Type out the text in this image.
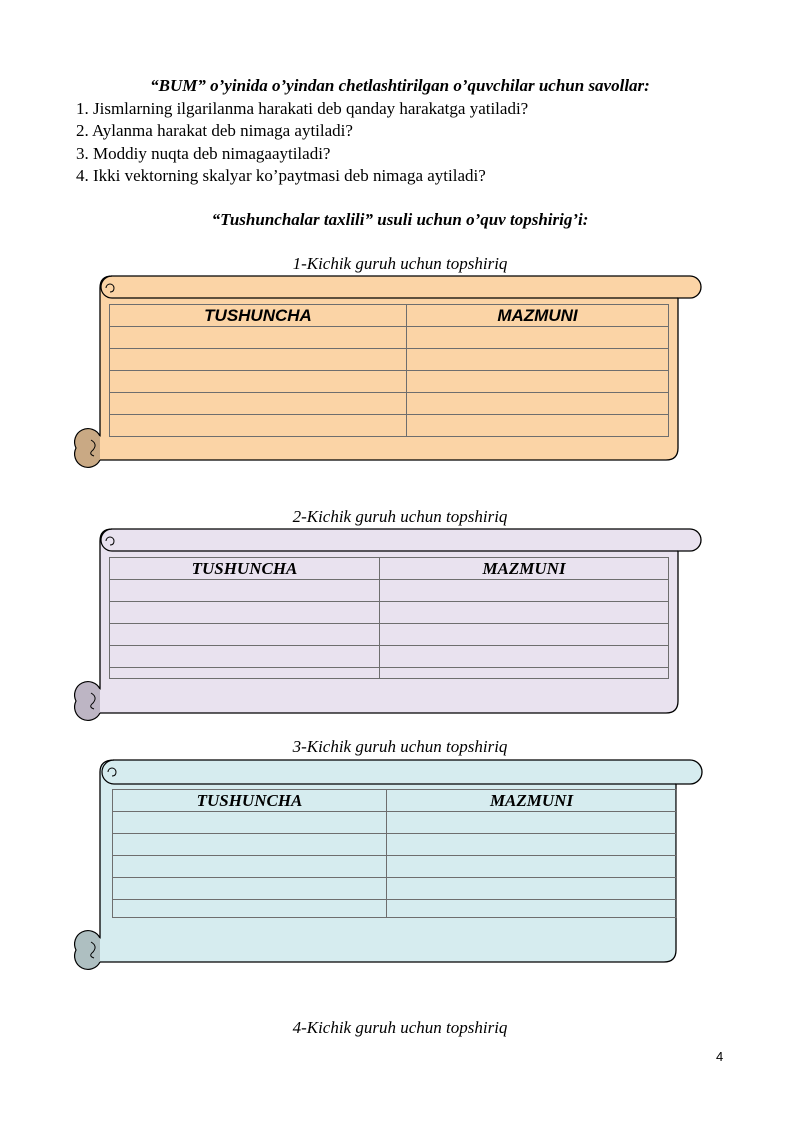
“BUM” o’yinida o’yindan chetlashtirilgan o’quvchilar uchun savollar:
1. Jismlarning ilgarilanma harakati deb qanday harakatga yatiladi?
2. Aylanma harakat deb nimaga aytiladi?
3. Moddiy nuqta deb nimagaaytiladi?
4. Ikki vektorning skalyar ko’paytmasi deb nimaga aytiladi?
“Tushunchalar taxlili” usuli uchun o’quv topshirig’i:
1-Kichik guruh uchun topshiriq
TUSHUNCHA	MAZMUNI

2-Kichik guruh uchun topshiriq
TUSHUNCHA	MAZMUNI

3-Kichik guruh uchun topshiriq
TUSHUNCHA	MAZMUNI

4-Kichik guruh uchun topshiriq
4
